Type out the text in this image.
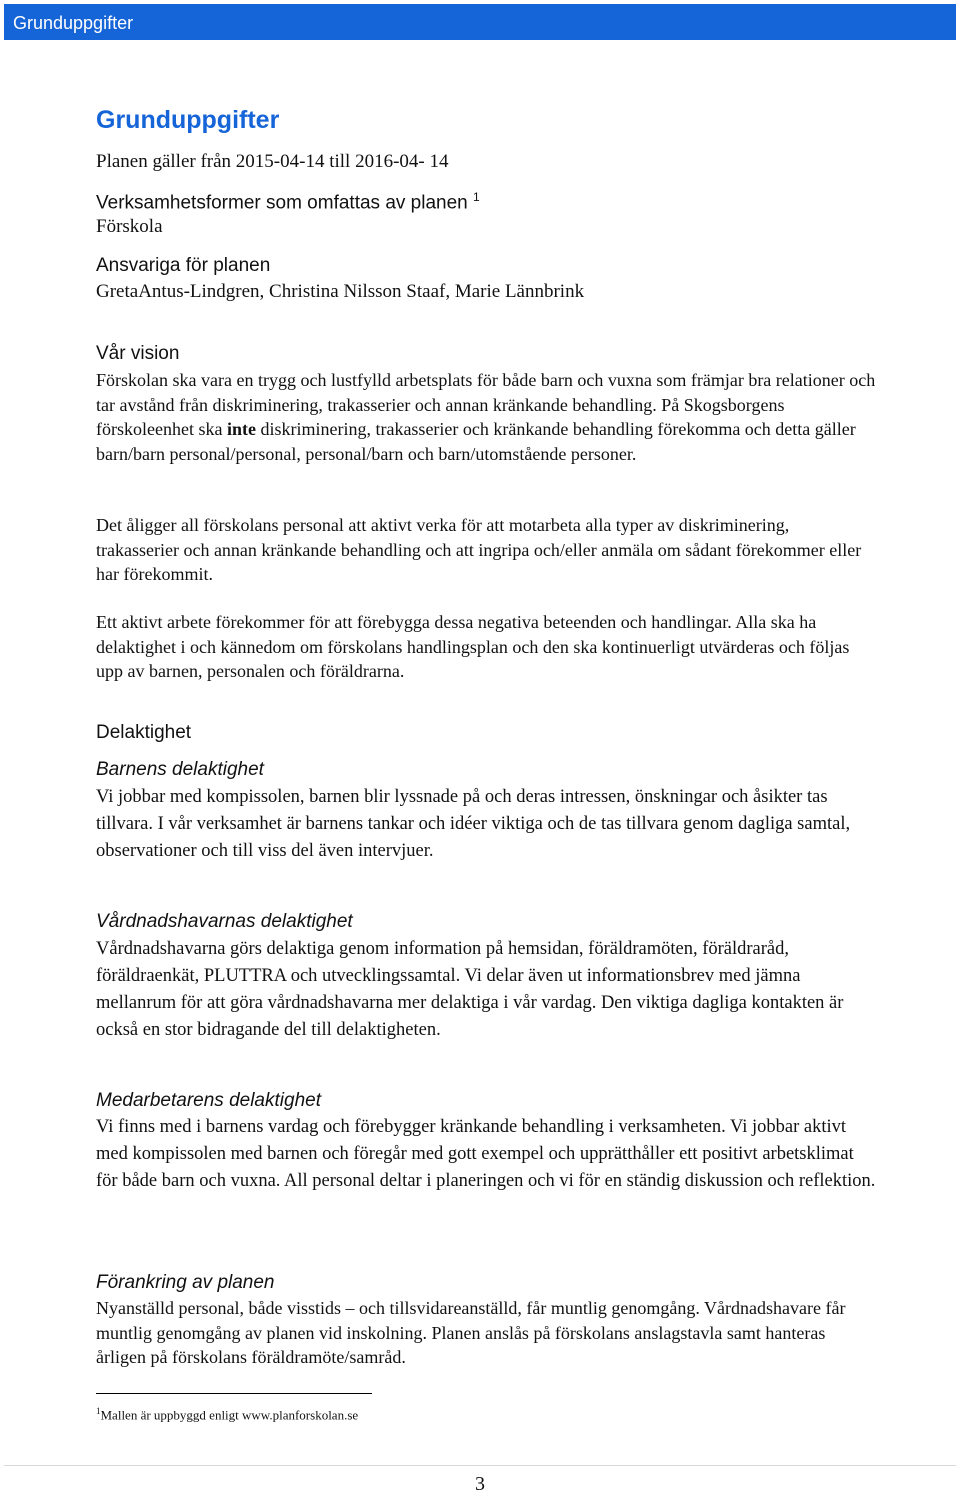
Grunduppgifter
Grunduppgifter
Planen gäller från 2015-04-14 till 2016-04- 14
Verksamhetsformer som omfattas av planen $^1$
Förskola
Ansvariga för planen
GretaAntus-Lindgren, Christina Nilsson Staaf, Marie Lännbrink
Vår vision
Förskolan ska vara en trygg och lustfylld arbetsplats för både barn och vuxna som främjar bra relationer och tar avstånd från diskriminering, trakasserier och annan kränkande behandling. På Skogsborgens förskoleenhet ska inte diskriminering, trakasserier och kränkande behandling förekomma och detta gäller barn/barn personal/personal, personal/barn och barn/utomstående personer.
Det åligger all förskolans personal att aktivt verka för att motarbeta alla typer av diskriminering, trakasserier och annan kränkande behandling och att ingripa och/eller anmäla om sådant förekommer eller har förekommit.
Ett aktivt arbete förekommer för att förebygga dessa negativa beteenden och handlingar. Alla ska ha delaktighet i och kännedom om förskolans handlingsplan och den ska kontinuerligt utvärderas och följas upp av barnen, personalen och föräldrarna.
Delaktighet
Barnens delaktighet
Vi jobbar med kompissolen, barnen blir lyssnade på och deras intressen, önskningar och åsikter tas tillvara. I vår verksamhet är barnens tankar och idéer viktiga och de tas tillvara genom dagliga samtal, observationer och till viss del även intervjuer.
Vårdnadshavarnas delaktighet
Vårdnadshavarna görs delaktiga genom information på hemsidan, föräldramöten, föräldraråd, föräldraenkät, PLUTTRA och utvecklingssamtal. Vi delar även ut informationsbrev med jämna mellanrum för att göra vårdnadshavarna mer delaktiga i vår vardag. Den viktiga dagliga kontakten är också en stor bidragande del till delaktigheten.
Medarbetarens delaktighet
Vi finns med i barnens vardag och förebygger kränkande behandling i verksamheten. Vi jobbar aktivt med kompissolen med barnen och föregår med gott exempel och upprätthåller ett positivt arbetsklimat för både barn och vuxna. All personal deltar i planeringen och vi för en ständig diskussion och reflektion.
Förankring av planen
Nyanställd personal, både visstids – och tillsvidareanställd, får muntlig genomgång. Vårdnadshavare får muntlig genomgång av planen vid inskolning. Planen anslås på förskolans anslagstavla samt hanteras årligen på förskolans föräldramöte/samråd.
$^1$Mallen är uppbyggd enligt www.planforskolan.se
3
